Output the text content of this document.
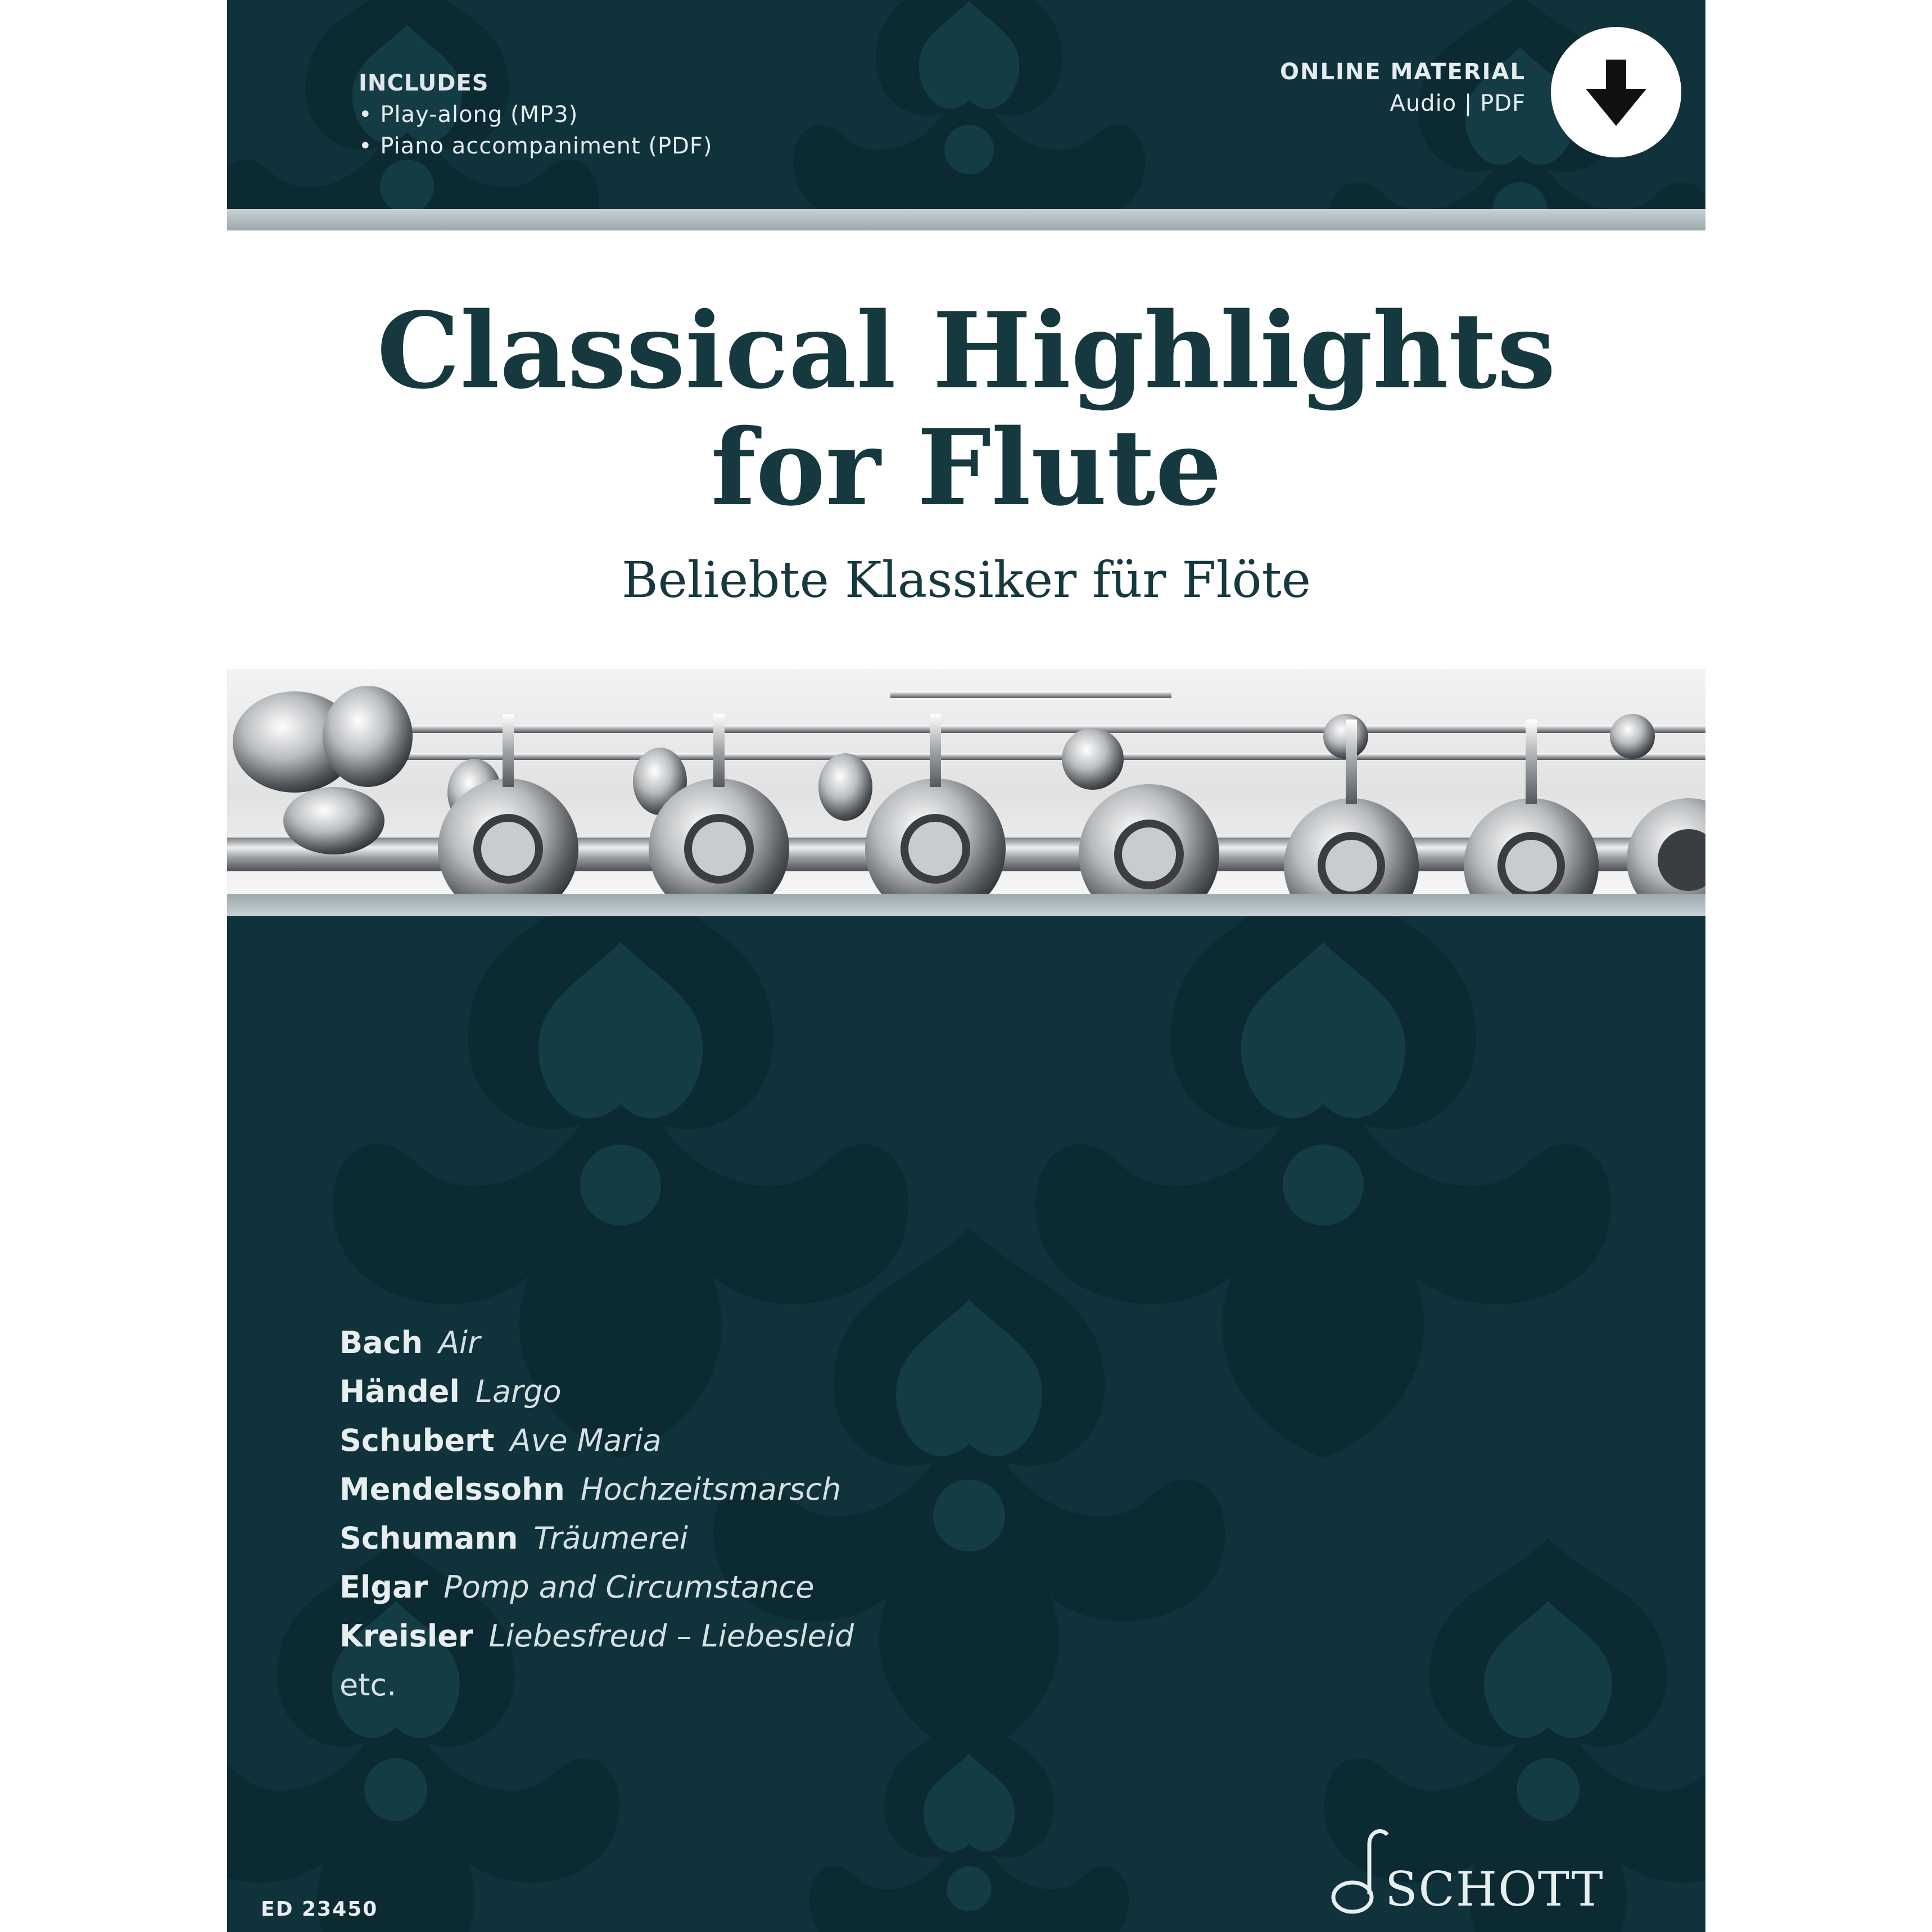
INCLUDES
• Play-along (MP3)
• Piano accompaniment (PDF)
ONLINE MATERIAL
Audio | PDF
Classical Highlights
for Flute
Beliebte Klassiker für Flöte
Bach Air
Händel Largo
Schubert Ave Maria
Mendelssohn Hochzeitsmarsch
Schumann Träumerei
Elgar Pomp and Circumstance
Kreisler Liebesfreud – Liebesleid
etc.
ED 23450	SCHOTT
